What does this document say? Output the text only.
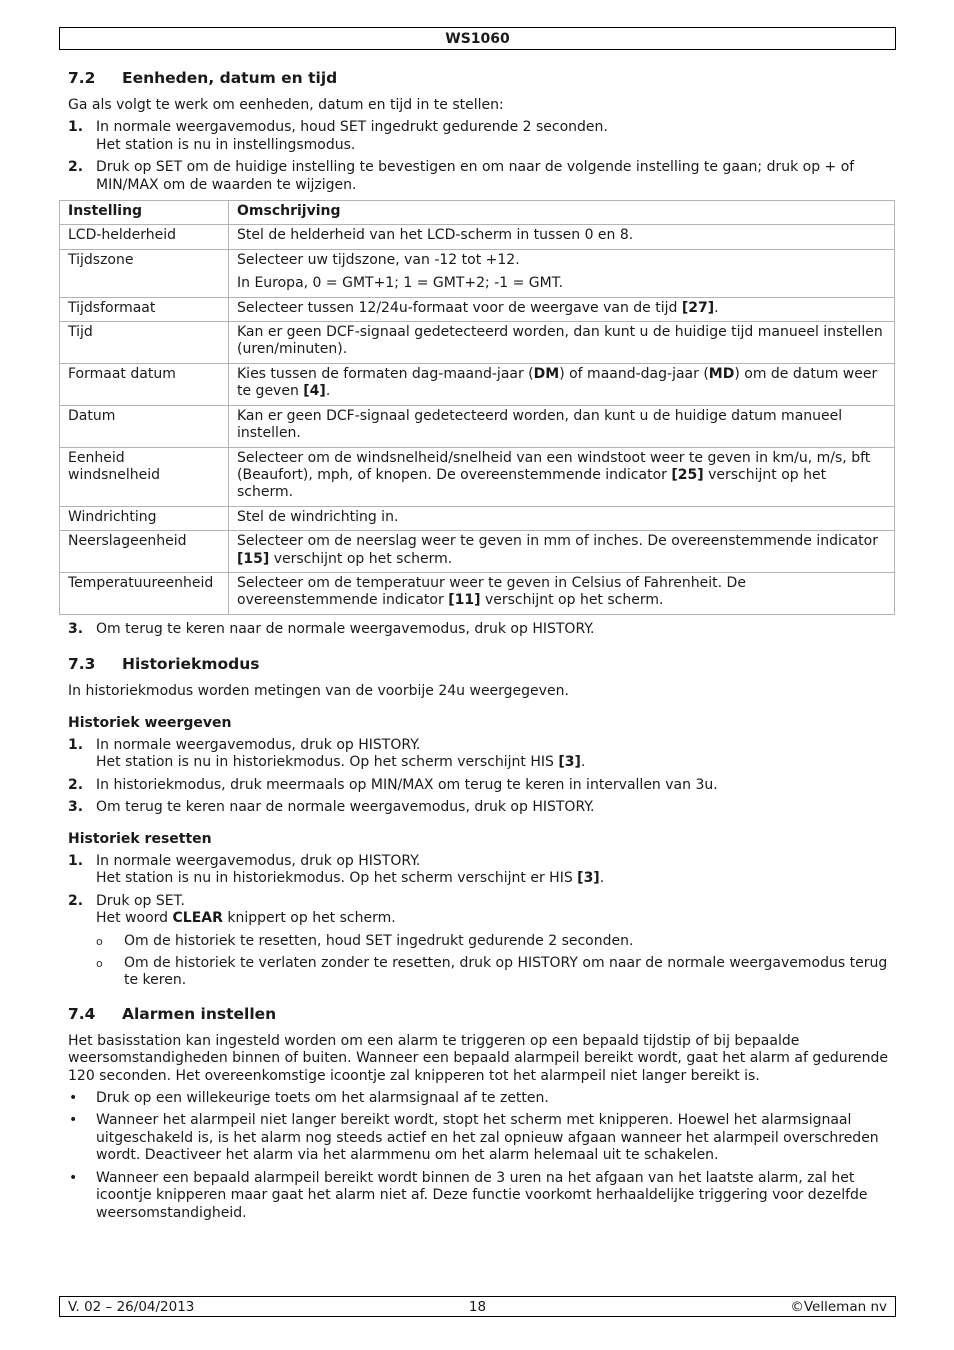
WS1060
7.2 Eenheden, datum en tijd

Ga als volgt te werk om eenheden, datum en tijd in te stellen:

1. In normale weergavemodus, houd SET ingedrukt gedurende 2 seconden.
Het station is nu in instellingsmodus.
2. Druk op SET om de huidige instelling te bevestigen en om naar de volgende instelling te gaan; druk op + of MIN/MAX om de waarden te wijzigen.
Instelling	Omschrijving
LCD-helderheid	Stel de helderheid van het LCD-scherm in tussen 0 en 8.
Tijdszone	Selecteer uw tijdszone, van -12 tot +12.

In Europa, 0 = GMT+1; 1 = GMT+2; -1 = GMT.

Tijdsformaat	Selecteer tussen 12/24u-formaat voor de weergave van de tijd [27].
Tijd	Kan er geen DCF-signaal gedetecteerd worden, dan kunt u de huidige tijd manueel instellen (uren/minuten).
Formaat datum	Kies tussen de formaten dag-maand-jaar (DM) of maand-dag-jaar (MD) om de datum weer te geven [4].
Datum	Kan er geen DCF-signaal gedetecteerd worden, dan kunt u de huidige datum manueel instellen.
Eenheid windsnelheid	Selecteer om de windsnelheid/snelheid van een windstoot weer te geven in km/u, m/s, bft (Beaufort), mph, of knopen. De overeenstemmende indicator [25] verschijnt op het scherm.
Windrichting	Stel de windrichting in.
Neerslageenheid	Selecteer om de neerslag weer te geven in mm of inches. De overeenstemmende indicator [15] verschijnt op het scherm.
Temperatuureenheid	Selecteer om de temperatuur weer te geven in Celsius of Fahrenheit. De overeenstemmende indicator [11] verschijnt op het scherm.
3. Om terug te keren naar de normale weergavemodus, druk op HISTORY.
7.3 Historiekmodus

In historiekmodus worden metingen van de voorbije 24u weergegeven.

Historiek weergeven
1. In normale weergavemodus, druk op HISTORY.
Het station is nu in historiekmodus. Op het scherm verschijnt HIS [3].
2. In historiekmodus, druk meermaals op MIN/MAX om terug te keren in intervallen van 3u.
3. Om terug te keren naar de normale weergavemodus, druk op HISTORY.
Historiek resetten
1. In normale weergavemodus, druk op HISTORY.
Het station is nu in historiekmodus. Op het scherm verschijnt er HIS [3].
2. Druk op SET.
Het woord CLEAR knippert op het scherm.
o Om de historiek te resetten, houd SET ingedrukt gedurende 2 seconden.
o Om de historiek te verlaten zonder te resetten, druk op HISTORY om naar de normale weergavemodus terug te keren.
7.4 Alarmen instellen

Het basisstation kan ingesteld worden om een alarm te triggeren op een bepaald tijdstip of bij bepaalde weersomstandigheden binnen of buiten. Wanneer een bepaald alarmpeil bereikt wordt, gaat het alarm af gedurende 120 seconden. Het overeenkomstige icoontje zal knipperen tot het alarmpeil niet langer bereikt is.

• Druk op een willekeurige toets om het alarmsignaal af te zetten.
• Wanneer het alarmpeil niet langer bereikt wordt, stopt het scherm met knipperen. Hoewel het alarmsignaal uitgeschakeld is, is het alarm nog steeds actief en het zal opnieuw afgaan wanneer het alarmpeil overschreden wordt. Deactiveer het alarm via het alarmmenu om het alarm helemaal uit te schakelen.
• Wanneer een bepaald alarmpeil bereikt wordt binnen de 3 uren na het afgaan van het laatste alarm, zal het icoontje knipperen maar gaat het alarm niet af. Deze functie voorkomt herhaaldelijke triggering voor dezelfde weersomstandigheid.
V. 02 – 26/04/2013	18	©Velleman nv
